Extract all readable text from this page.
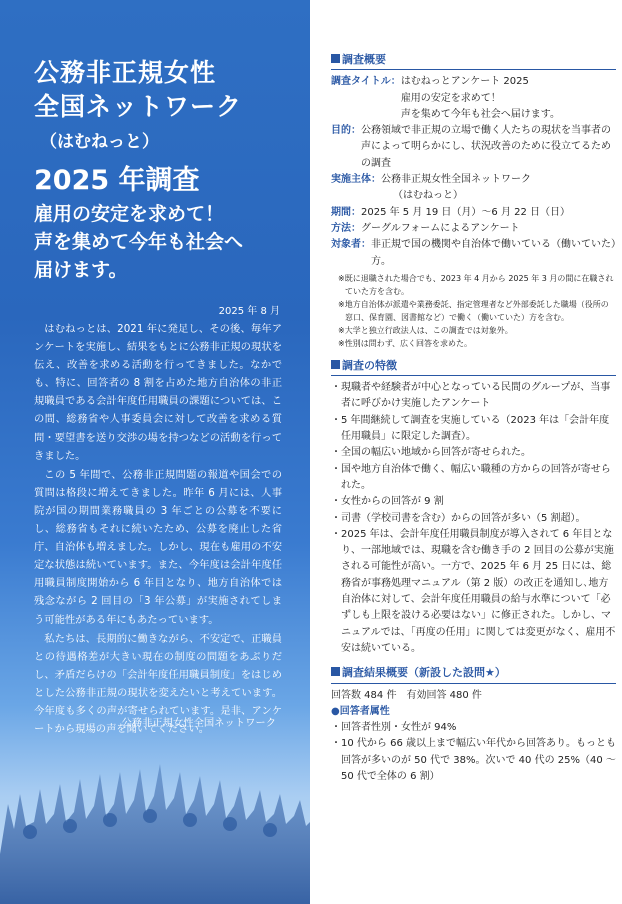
公務非正規女性
全国ネットワーク
（はむねっと）
2025 年調査
雇用の安定を求めて！
声を集めて今年も社会へ
届けます。
2025 年 8 月

はむねっとは、2021 年に発足し、その後、毎年アンケートを実施し、結果をもとに公務非正規の現状を伝え、改善を求める活動を行ってきました。なかでも、特に、回答者の 8 割を占めた地方自治体の非正規職員である会計年度任用職員の課題については、この間、総務省や人事委員会に対して改善を求める質問・要望書を送り交渉の場を持つなどの活動を行ってきました。

この 5 年間で、公務非正規問題の報道や国会での質問は格段に増えてきました。昨年 6 月には、人事院が国の期間業務職員の 3 年ごとの公募を不要にし、総務省もそれに続いたため、公募を廃止した省庁、自治体も増えました。しかし、現在も雇用の不安定な状態は続いています。また、今年度は会計年度任用職員制度開始から 6 年目となり、地方自治体では残念ながら 2 回目の「3 年公募」が実施されてしまう可能性がある年にもあたっています。

私たちは、長期的に働きながら、不安定で、正職員との待遇格差が大きい現在の制度の問題をあぶりだし、矛盾だらけの「会計年度任用職員制度」をはじめとした公務非正規の現状を変えたいと考えています。今年度も多くの声が寄せられています。是非、アンケートから現場の声を聞いてください。

公務非正規女性全国ネットワーク
調査概要
調査タイトル： はむねっとアンケート 2025
雇用の安定を求めて！
声を集めて今年も社会へ届けます。
目的： 公務領域で非正規の立場で働く人たちの現状を当事者の声によって明らかにし、状況改善のために役立てるための調査
実施主体： 公務非正規女性全国ネットワーク
（はむねっと）
期間： 2025 年 5 月 19 日（月）～6 月 22 日（日）
方法： グーグルフォームによるアンケート
対象者： 非正規で国の機関や自治体で働いている（働いていた）方。
※既に退職された場合でも、2023 年 4 月から 2025 年 3 月の間に在職されていた方を含む。
※地方自治体が派遣や業務委託、指定管理者など外部委託した職場（役所の窓口、保育園、図書館など）で働く（働いていた）方を含む。
※大学と独立行政法人は、この調査では対象外。
※性別は問わず、広く回答を求めた。
調査の特徴
・現職者や経験者が中心となっている民間のグループが、当事者に呼びかけ実施したアンケート
・5 年間継続して調査を実施している（2023 年は「会計年度任用職員」に限定した調査）。
・全国の幅広い地域から回答が寄せられた。
・国や地方自治体で働く、幅広い職種の方からの回答が寄せられた。
・女性からの回答が 9 割
・司書（学校司書を含む）からの回答が多い（5 割超）。
・2025 年は、会計年度任用職員制度が導入されて 6 年目となり、一部地域では、現職を含む働き手の 2 回目の公募が実施される可能性が高い。一方で、2025 年 6 月 25 日には、総務省が事務処理マニュアル（第 2 版）の改正を通知し､地方自治体に対して、会計年度任用職員の給与水準について「必ずしも上限を設ける必要はない」に修正された。しかし、マニュアルでは、「再度の任用」に関しては変更がなく、雇用不安は続いている。
調査結果概要（新設した設問★）
回答数 484 件　有効回答 480 件
●回答者属性
・回答者性別・女性が 94%
・10 代から 66 歳以上まで幅広い年代から回答あり。もっとも回答が多いのが 50 代で 38%。次いで 40 代の 25%（40 ～ 50 代で全体の 6 割）
